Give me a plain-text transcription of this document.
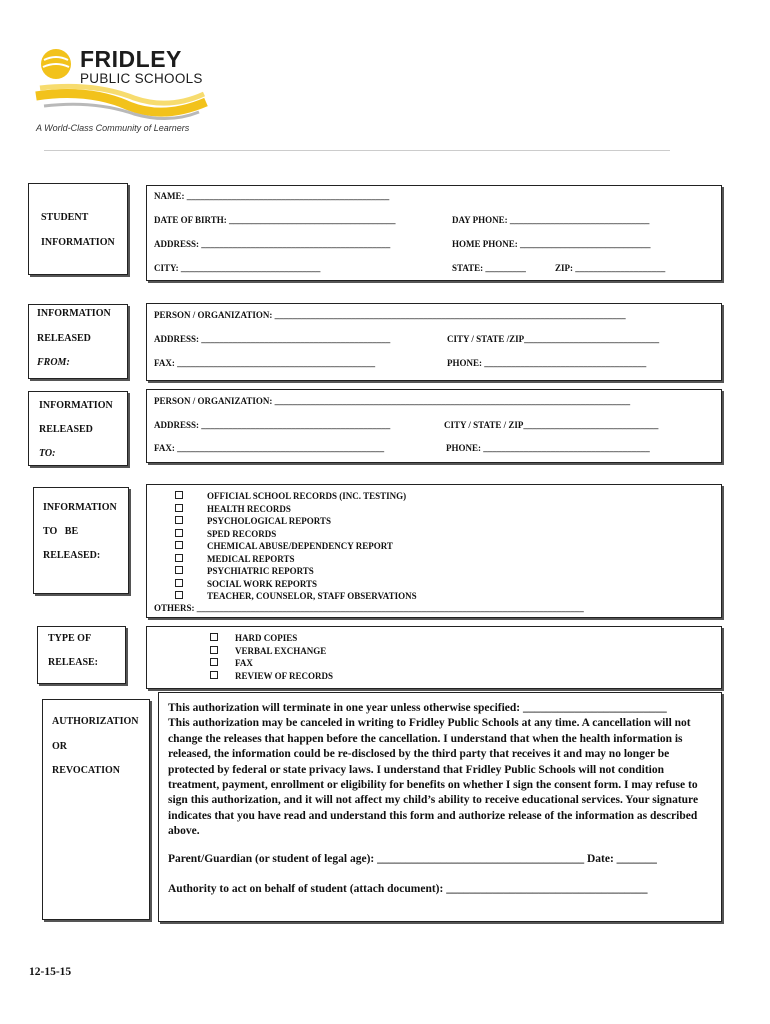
FRIDLEY
PUBLIC SCHOOLS
A World-Class Community of Learners
STUDENT
INFORMATION
NAME: _____________________________________________
DATE OF BIRTH: _____________________________________	DAY PHONE: _______________________________
ADDRESS: __________________________________________	HOME PHONE: _____________________________
CITY: _______________________________	STATE: _________	ZIP: ____________________
INFORMATION
RELEASED
FROM:
PERSON / ORGANIZATION: ______________________________________________________________________________
ADDRESS: __________________________________________	CITY / STATE /ZIP______________________________
FAX: ____________________________________________	PHONE: ____________________________________
INFORMATION
RELEASED
TO:
PERSON / ORGANIZATION: _______________________________________________________________________________
ADDRESS: __________________________________________	CITY / STATE / ZIP______________________________
FAX: ______________________________________________	PHONE: _____________________________________
INFORMATION
TO   BE
RELEASED:
OFFICIAL SCHOOL RECORDS (INC. TESTING)
HEALTH RECORDS
PSYCHOLOGICAL REPORTS
SPED RECORDS
CHEMICAL ABUSE/DEPENDENCY REPORT
MEDICAL REPORTS
PSYCHIATRIC REPORTS
SOCIAL WORK REPORTS
TEACHER, COUNSELOR, STAFF OBSERVATIONS
OTHERS: ______________________________________________________________________________________
TYPE OF
RELEASE:
HARD COPIES
VERBAL EXCHANGE
FAX
REVIEW OF RECORDS
AUTHORIZATION
OR
REVOCATION

This authorization will terminate in one year unless otherwise specified: _________________________

This authorization may be canceled in writing to Fridley Public Schools at any time. A cancellation will not change the releases that happen before the cancellation. I understand that when the health information is released, the information could be re-disclosed by the third party that receives it and may no longer be protected by federal or state privacy laws. I understand that Fridley Public Schools will not condition treatment, payment, enrollment or eligibility for benefits on whether I sign the consent form. I may refuse to sign this authorization, and it will not affect my child’s ability to receive educational services. Your signature indicates that you have read and understand this form and authorize release of the information as described above.

Parent/Guardian (or student of legal age): ____________________________________ Date: _______
Authority to act on behalf of student (attach document): ___________________________________
12-15-15
